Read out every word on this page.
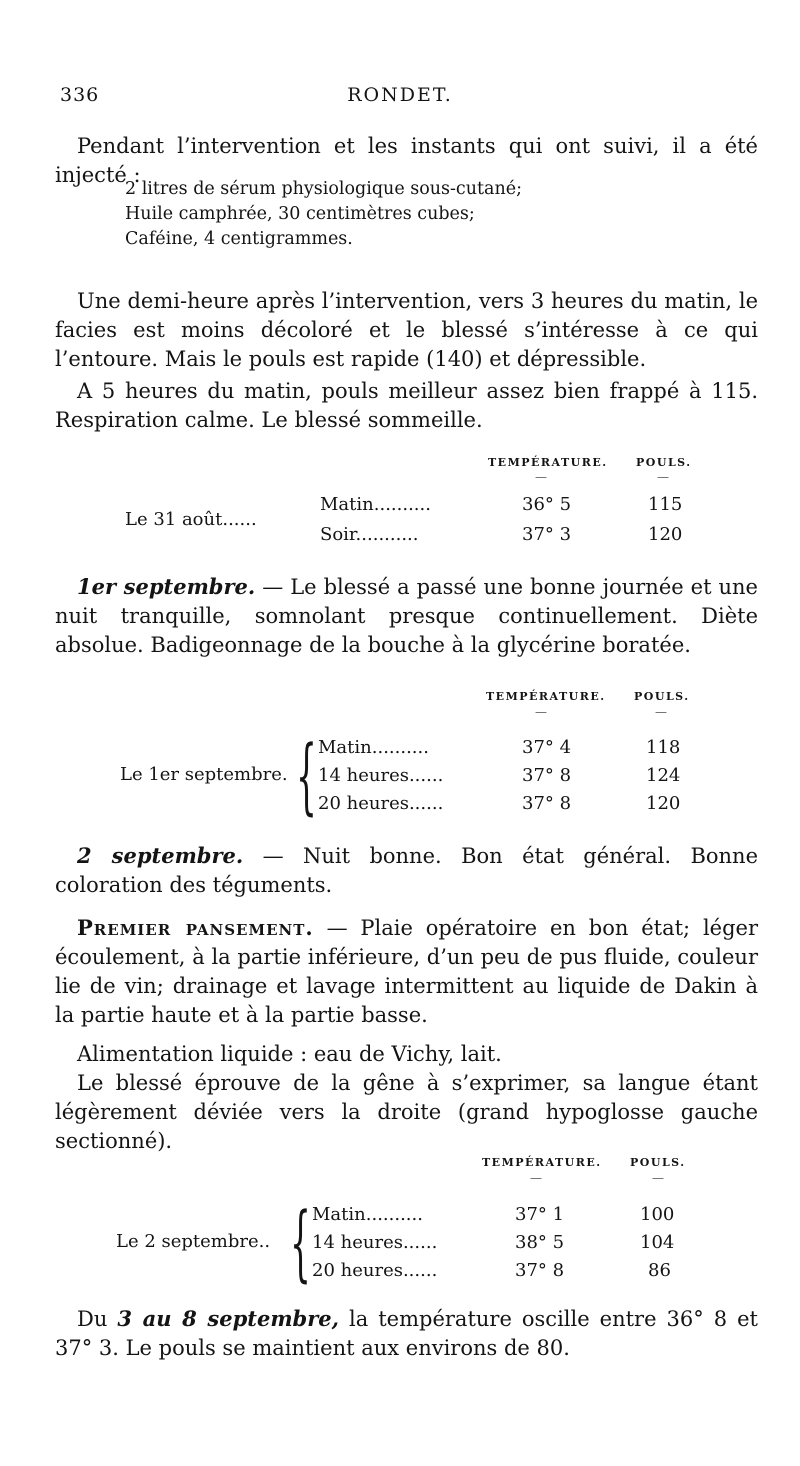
336	RONDET.
Pendant l’intervention et les instants qui ont suivi, il a été injecté :
2 litres de sérum physiologique sous-cutané;
Huile camphrée, 30 centimètres cubes;
Caféine, 4 centigrammes.
Une demi-heure après l’intervention, vers 3 heures du matin, le facies est moins décoloré et le blessé s’intéresse à ce qui l’entoure. Mais le pouls est rapide (140) et dépressible.
A 5 heures du matin, pouls meilleur assez bien frappé à 115. Respiration calme. Le blessé sommeille.
TEMPÉRATURE.	POULS.
—	—
Le 31 août......
Matin..........	36° 5	115
Soir...........	37° 3	120
1er septembre. — Le blessé a passé une bonne journée et une nuit tranquille, somnolant presque continuellement. Diète absolue. Badigeonnage de la bouche à la glycérine boratée.
TEMPÉRATURE.	POULS.
—	—
Le 1er septembre. { Matin..........	37° 4	118
14 heures......	37° 8	124
20 heures......	37° 8	120
2 septembre. — Nuit bonne. Bon état général. Bonne coloration des téguments.
Premier pansement. — Plaie opératoire en bon état; léger écoulement, à la partie inférieure, d’un peu de pus fluide, couleur lie de vin; drainage et lavage intermittent au liquide de Dakin à la partie haute et à la partie basse.
Alimentation liquide : eau de Vichy, lait.
Le blessé éprouve de la gêne à s’exprimer, sa langue étant légèrement déviée vers la droite (grand hypoglosse gauche sectionné).
TEMPÉRATURE.	POULS.
—	—
Le 2 septembre.. { Matin..........	37° 1	100
14 heures......	38° 5	104
20 heures......	37° 8	86
Du 3 au 8 septembre, la température oscille entre 36° 8 et 37° 3. Le pouls se maintient aux environs de 80.
